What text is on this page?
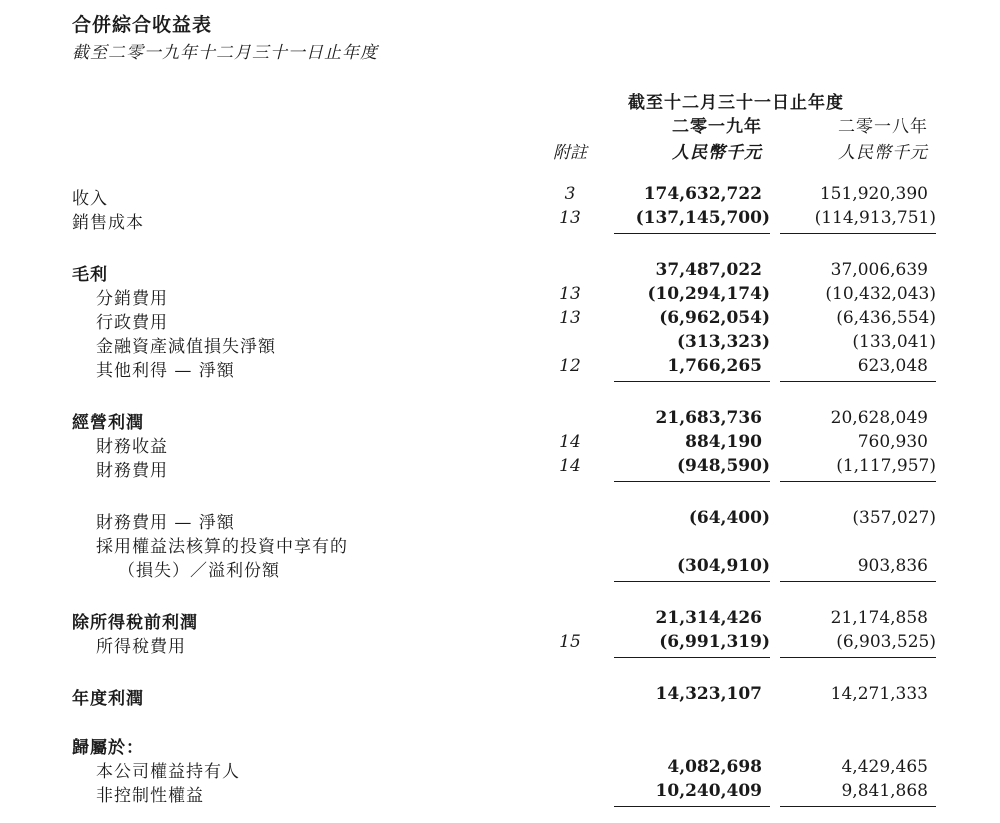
合併綜合收益表
截至二零一九年十二月三十一日止年度
截至十二月三十一日止年度
二零一九年	二零一八年
附註	人民幣千元	人民幣千元
收入	3	174,632,722	151,920,390
銷售成本	13	(137,145,700)	(114,913,751)
毛利	37,487,022	37,006,639
分銷費用	13	(10,294,174)	(10,432,043)
行政費用	13	(6,962,054)	(6,436,554)
金融資產減值損失淨額	(313,323)	(133,041)
其他利得 — 淨額	12	1,766,265	623,048
經營利潤	21,683,736	20,628,049
財務收益	14	884,190	760,930
財務費用	14	(948,590)	(1,117,957)
財務費用 — 淨額	(64,400)	(357,027)
採用權益法核算的投資中享有的
（損失）／溢利份額	(304,910)	903,836
除所得稅前利潤	21,314,426	21,174,858
所得稅費用	15	(6,991,319)	(6,903,525)
年度利潤	14,323,107	14,271,333
歸屬於：
本公司權益持有人	4,082,698	4,429,465
非控制性權益	10,240,409	9,841,868
